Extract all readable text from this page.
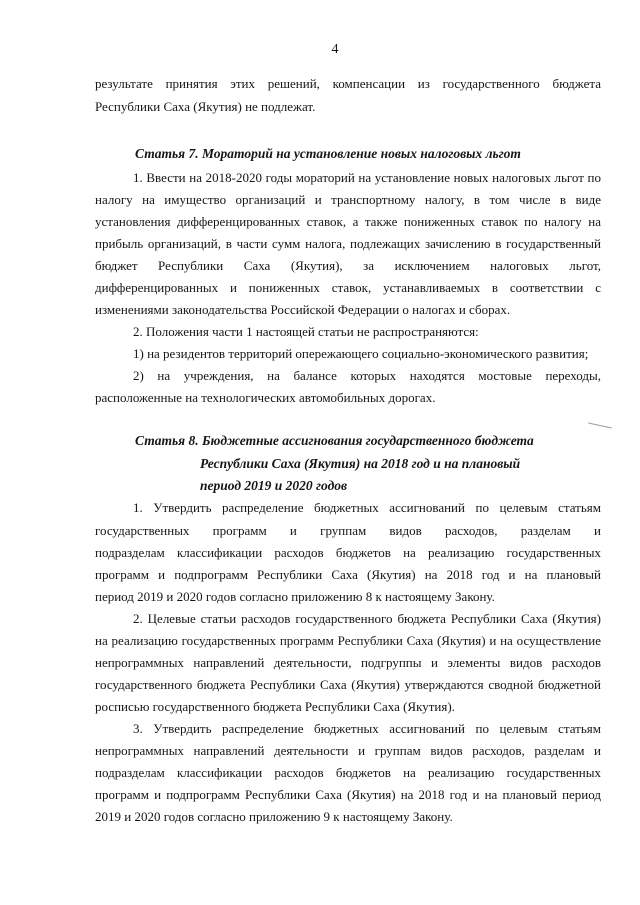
4
результате принятия этих решений, компенсации из государственного бюджета
Республики Саха (Якутия) не подлежат.
Статья 7. Мораторий на установление новых налоговых льгот
1. Ввести на 2018-2020 годы мораторий на установление новых налоговых льгот по
налогу на имущество организаций и транспортному налогу, в том числе в виде
установления дифференцированных ставок, а также пониженных ставок по налогу на
прибыль организаций, в части сумм налога, подлежащих зачислению в государственный
бюджет Республики Саха (Якутия), за исключением налоговых льгот,
дифференцированных и пониженных ставок, устанавливаемых в соответствии с
изменениями законодательства Российской Федерации о налогах и сборах.
2. Положения части 1 настоящей статьи не распространяются:
1) на резидентов территорий опережающего социально-экономического развития;
2) на учреждения, на балансе которых находятся мостовые переходы,
расположенные на технологических автомобильных дорогах.
Статья 8. Бюджетные ассигнования государственного бюджета
Республики Саха (Якутия) на 2018 год и на плановый
период 2019 и 2020 годов
1. Утвердить распределение бюджетных ассигнований по целевым статьям
государственных программ и группам видов расходов, разделам и
подразделам классификации расходов бюджетов на реализацию государственных
программ и подпрограмм Республики Саха (Якутия) на 2018 год и на плановый
период 2019 и 2020 годов согласно приложению 8 к настоящему Закону.
2. Целевые статьи расходов государственного бюджета Республики Саха (Якутия)
на реализацию государственных программ Республики Саха (Якутия) и на осуществление
непрограммных направлений деятельности, подгруппы и элементы видов расходов
государственного бюджета Республики Саха (Якутия) утверждаются сводной бюджетной
росписью государственного бюджета Республики Саха (Якутия).
3. Утвердить распределение бюджетных ассигнований по целевым статьям
непрограммных направлений деятельности и группам видов расходов, разделам и
подразделам классификации расходов бюджетов на реализацию государственных
программ и подпрограмм Республики Саха (Якутия) на 2018 год и на плановый период
2019 и 2020 годов согласно приложению 9 к настоящему Закону.
